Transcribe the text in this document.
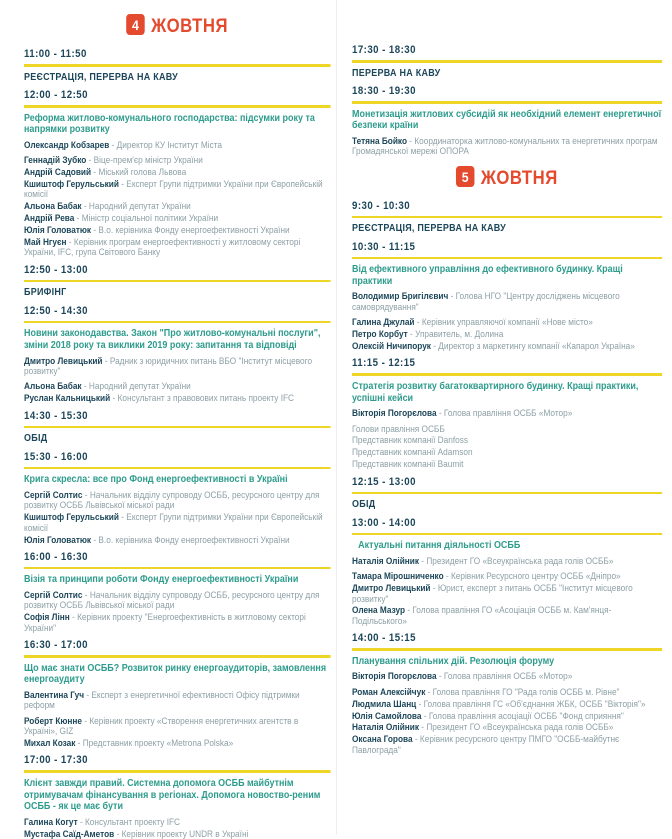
4 ЖОВТНЯ
11:00 - 11:50
РЕЄСТРАЦІЯ, ПЕРЕРВА НА КАВУ
12:00 - 12:50
Реформа житлово-комунального господарства: підсумки року та напрямки розвитку
Олександр Кобзарев - Директор КУ Інститут Міста
Геннадій Зубко - Віце-прем'єр міністр України
Андрій Садовий - Міський голова Львова
Кшиштоф Герульський - Експерт Групи підтримки України при Європейській комісії
Альона Бабак - Народний депутат України
Андрій Рева - Міністр соціальної політики України
Юлія Головатюк - В.о. керівника Фонду енергоефективності України
Май Нгуєн - Керівник програм енергоефективності у житловому секторі України, IFC, група Світового Банку
12:50 - 13:00
БРИФІНГ
12:50 - 14:30
Новини законодавства. Закон "Про житлово-комунальні послуги", зміни 2018 року та виклики 2019 року: запитання та відповіді
Дмитро Левицький - Радник з юридичних питань ВБО "Інститут місцевого розвитку"
Альона Бабак - Народний депутат України
Руслан Кальницький - Консультант з правовових питань проекту IFC
14:30 - 15:30
ОБІД
15:30 - 16:00
Крига скресла: все про Фонд енергоефективності в Україні
Сергій Солтис - Начальник відділу супроводу ОСББ, ресурсного центру для розвитку ОСББ Львівської міської ради
Кшиштоф Герульський - Експерт Групи підтримки України при Європейській комісії
Юлія Головатюк - В.о. керівника Фонду енергоефективності України
16:00 - 16:30
Візія та принципи роботи Фонду енергоефективності України
Сергій Солтис - Начальник відділу супроводу ОСББ, ресурсного центру для розвитку ОСББ Львівської міської ради
Софія Лінн - Керівник проекту "Енергоефективність в житловому секторі України"
16:30 - 17:00
Що має знати ОСББ? Розвиток ринку енергоаудиторів, замовлення енергоаудиту
Валентина Гуч - Експерт з енергетичної ефективності Офісу підтримки реформ
Роберт Кюнне - Керівник проекту «Створення енергетичних агентств в Україні», GIZ
Михал Козак - Представник проекту «Metrona Polska»
17:00 - 17:30
Клієнт завжди правий. Системна допомога ОСББ майбутнім отримувачам фінансування в регіонах. Допомога новоство-реним ОСББ - як це має бути
Галина Когут - Консультант проекту IFC
Мустафа Саїд-Аметов - Керівник проекту UNDR в Україні
17:30 - 18:30
ПЕРЕРВА НА КАВУ
18:30 - 19:30
Монетизація житлових субсидій як необхідний елемент енергетичної безпеки країни
Тетяна Бойко - Координаторка житлово-комунальних та енергетичних програм Громадянської мережі ОПОРА
5 ЖОВТНЯ
9:30 - 10:30
РЕЄСТРАЦІЯ, ПЕРЕРВА НА КАВУ
10:30 - 11:15
Від ефективного управління до ефективного будинку. Кращі практики
Володимир Бригілєвич - Голова НГО "Центру досліджень місцевого самоврядування"
Галина Джулай - Керівник управляючої компанії «Нове місто»
Петро Корбут - Управитель, м. Долина
Олексій Ничипорук - Директор з маркетингу компанії «Капарол Україна»
11:15 - 12:15
Стратегія розвитку багатоквартирного будинку. Кращі практики, успішні кейси
Вікторія Погорєлова - Голова правління ОСББ «Мотор»
Голови правління ОСББ
Представник компанії Danfoss
Представник компанії Adamson
Представник компанії Baumit
12:15 - 13:00
ОБІД
13:00 - 14:00
Актуальні питання діяльності ОСББ
Наталія Олійник - Президент ГО «Всеукраїнська рада голів ОСББ»
Тамара Мірошниченко - Керівник Ресурсного центру ОСББ «Дніпро»
Дмитро Левицький - Юрист, експерт з питань ОСББ "Інститут місцевого розвитку"
Олена Мазур - Голова правління ГО «Асоціація ОСББ м. Кам'янця-Подільського»
14:00 - 15:15
Планування спільних дій. Резолюція форуму
Вікторія Погорєлова - Голова правління ОСББ «Мотор»
Роман Алексійчук - Голова правління ГО "Рада голів ОСББ м. Рівне"
Людмила Шанц - Голова правління ГС «Об'єднання ЖБК, ОСББ "Вікторія"»
Юлія Самойлова - Голова правління асоціації ОСББ "Фонд сприяння"
Наталія Олійник - Президент ГО «Всеукраїнська рада голів ОСББ»
Оксана Горова - Керівник ресурсного центру ПМГО "ОСББ-майбутнє Павлограда"
